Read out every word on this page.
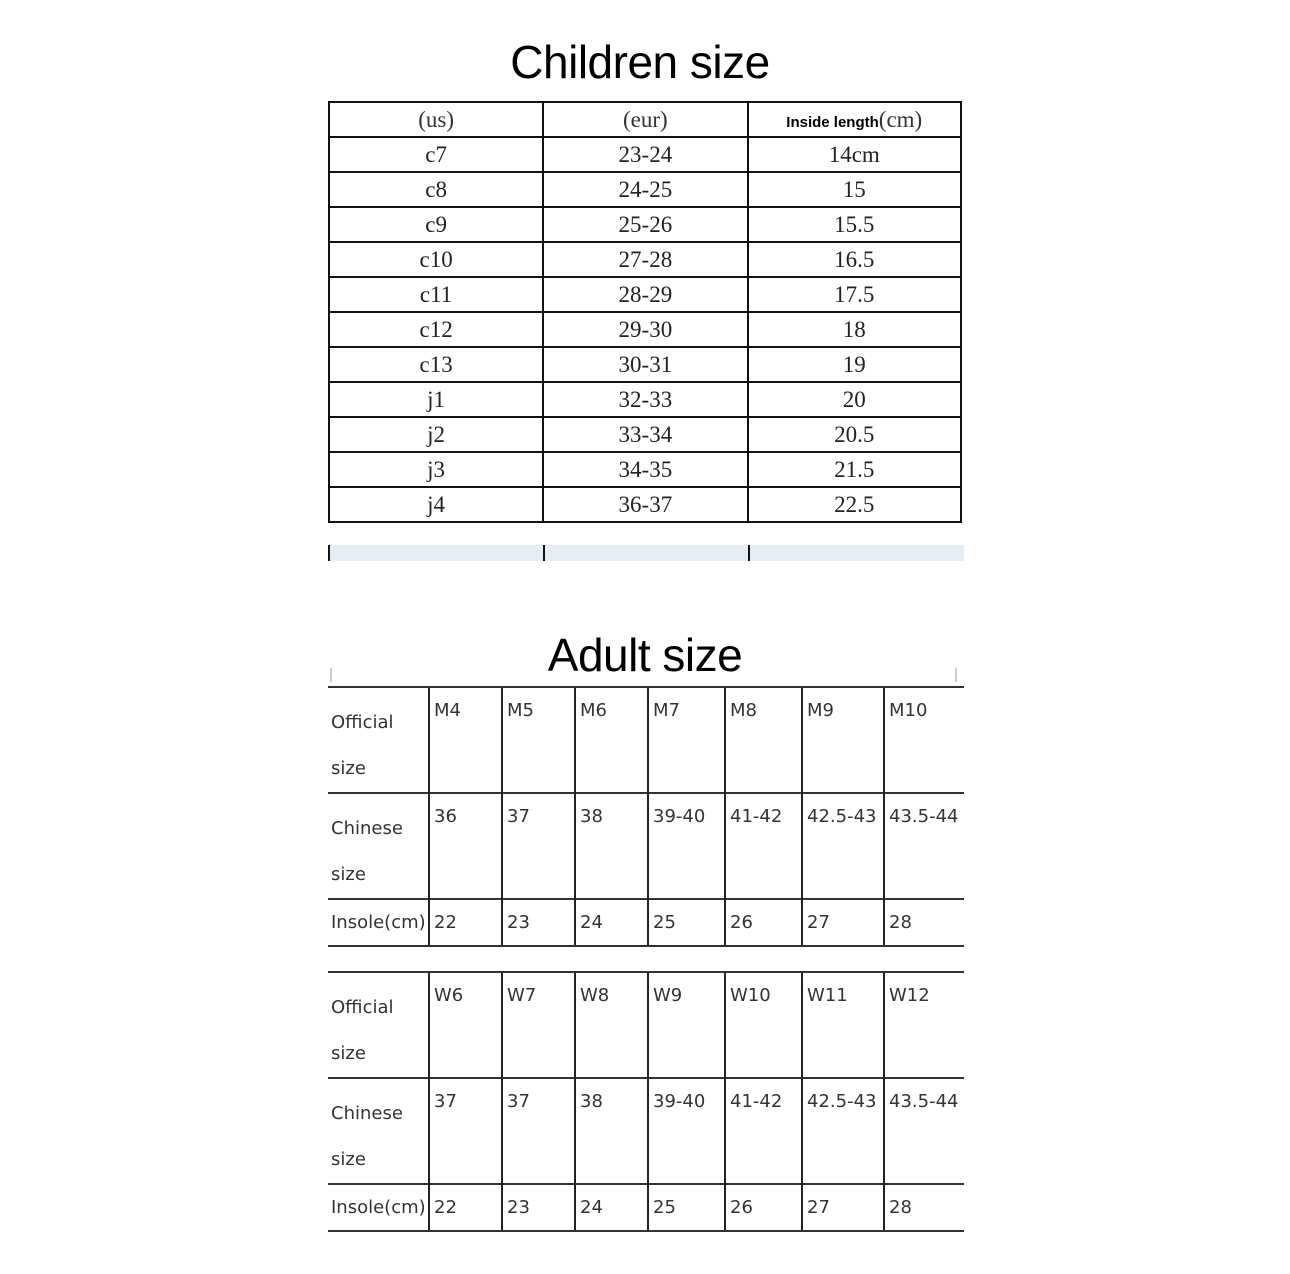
Children size
(us)	(eur)	Inside length(cm)
c7	23-24	14cm
c8	24-25	15
c9	25-26	15.5
c10	27-28	16.5
c11	28-29	17.5
c12	29-30	18
c13	30-31	19
j1	32-33	20
j2	33-34	20.5
j3	34-35	21.5
j4	36-37	22.5
Adult size
Official
size	M4	M5	M6	M7	M8	M9	M10

Chinese
size	36	37	38	39-40	41-42	42.5-43	43.5-44

Insole(cm)	22	23	24	25	26	27	28
Official
size	W6	W7	W8	W9	W10	W11	W12

Chinese
size	37	37	38	39-40	41-42	42.5-43	43.5-44

Insole(cm)	22	23	24	25	26	27	28
